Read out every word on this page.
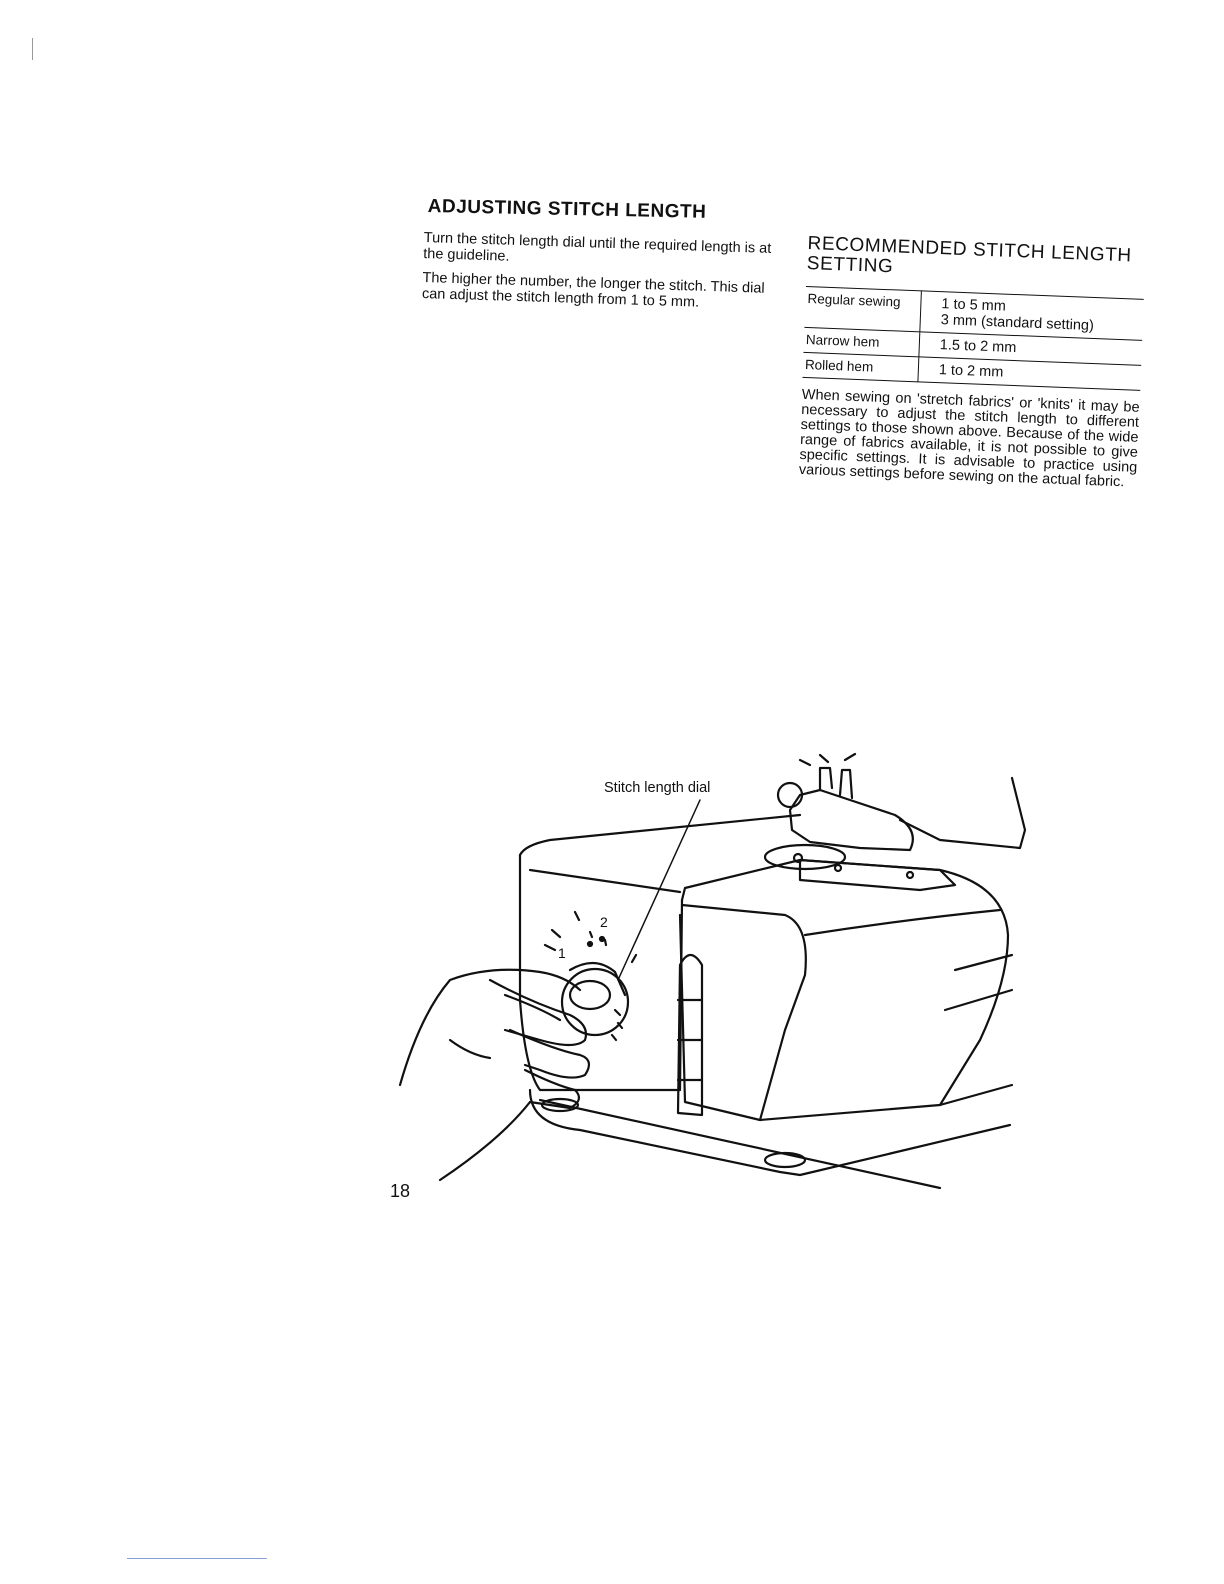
ADJUSTING STITCH LENGTH

Turn the stitch length dial until the required length is at the guideline.

The higher the number, the longer the stitch. This dial can adjust the stitch length from 1 to 5 mm.

RECOMMENDED STITCH LENGTH SETTING
Regular sewing	1 to 5 mm
3 mm (standard setting)

Narrow hem	1.5 to 2 mm
Rolled hem	1 to 2 mm

When sewing on 'stretch fabrics' or 'knits' it may be necessary to adjust the stitch length to different settings to those shown above. Because of the wide range of fabrics available, it is not possible to give specific settings. It is advisable to practice using various settings before sewing on the actual fabric.

1
2
Stitch length dial
18
